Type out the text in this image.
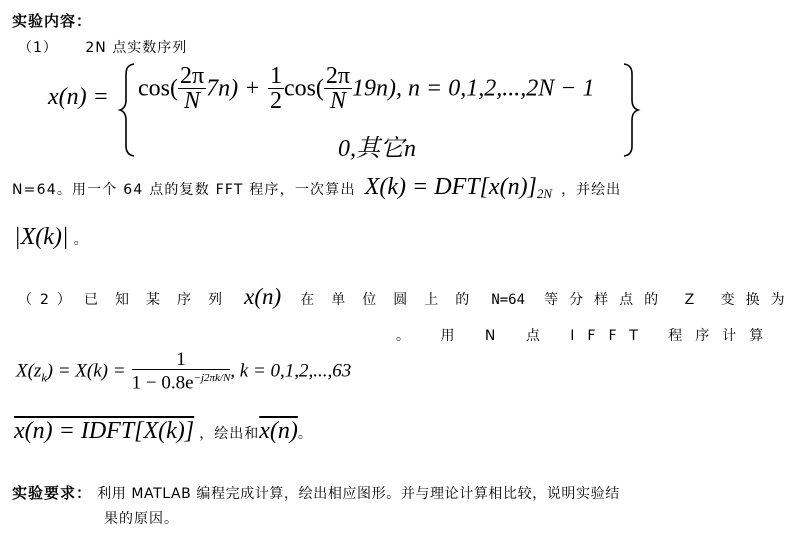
实验内容：
（1） 2N 点实数序列
$x(n) = \cos( \frac{2\pi}{N} 7n) + \frac{1}{2} \cos( \frac{2\pi}{N} 19n)$, n = 0,1,2,...,2N − 1
0,其它n
N=64。用一个 64 点的复数 FFT 程序，一次算出 $X(k) = DFT[x(n)]_{2N}$ ，并绘出
|X(k)| 。
（2） 已知某序列 x(n) 在单位圆上的 N=64 等分样点的 Z 变换为
。 用 N 点 IFFT 程序计算
$X(z_k) = X(k) = \frac{1}{1 - 0.8e^{-j2\pi k/N}}$ , k = 0,1,2,...,63
x(n) = IDFT[X(k)] ，绘出和x(n)。
实验要求： 利用 MATLAB 编程完成计算，绘出相应图形。并与理论计算相比较，说明实验结
果的原因。
